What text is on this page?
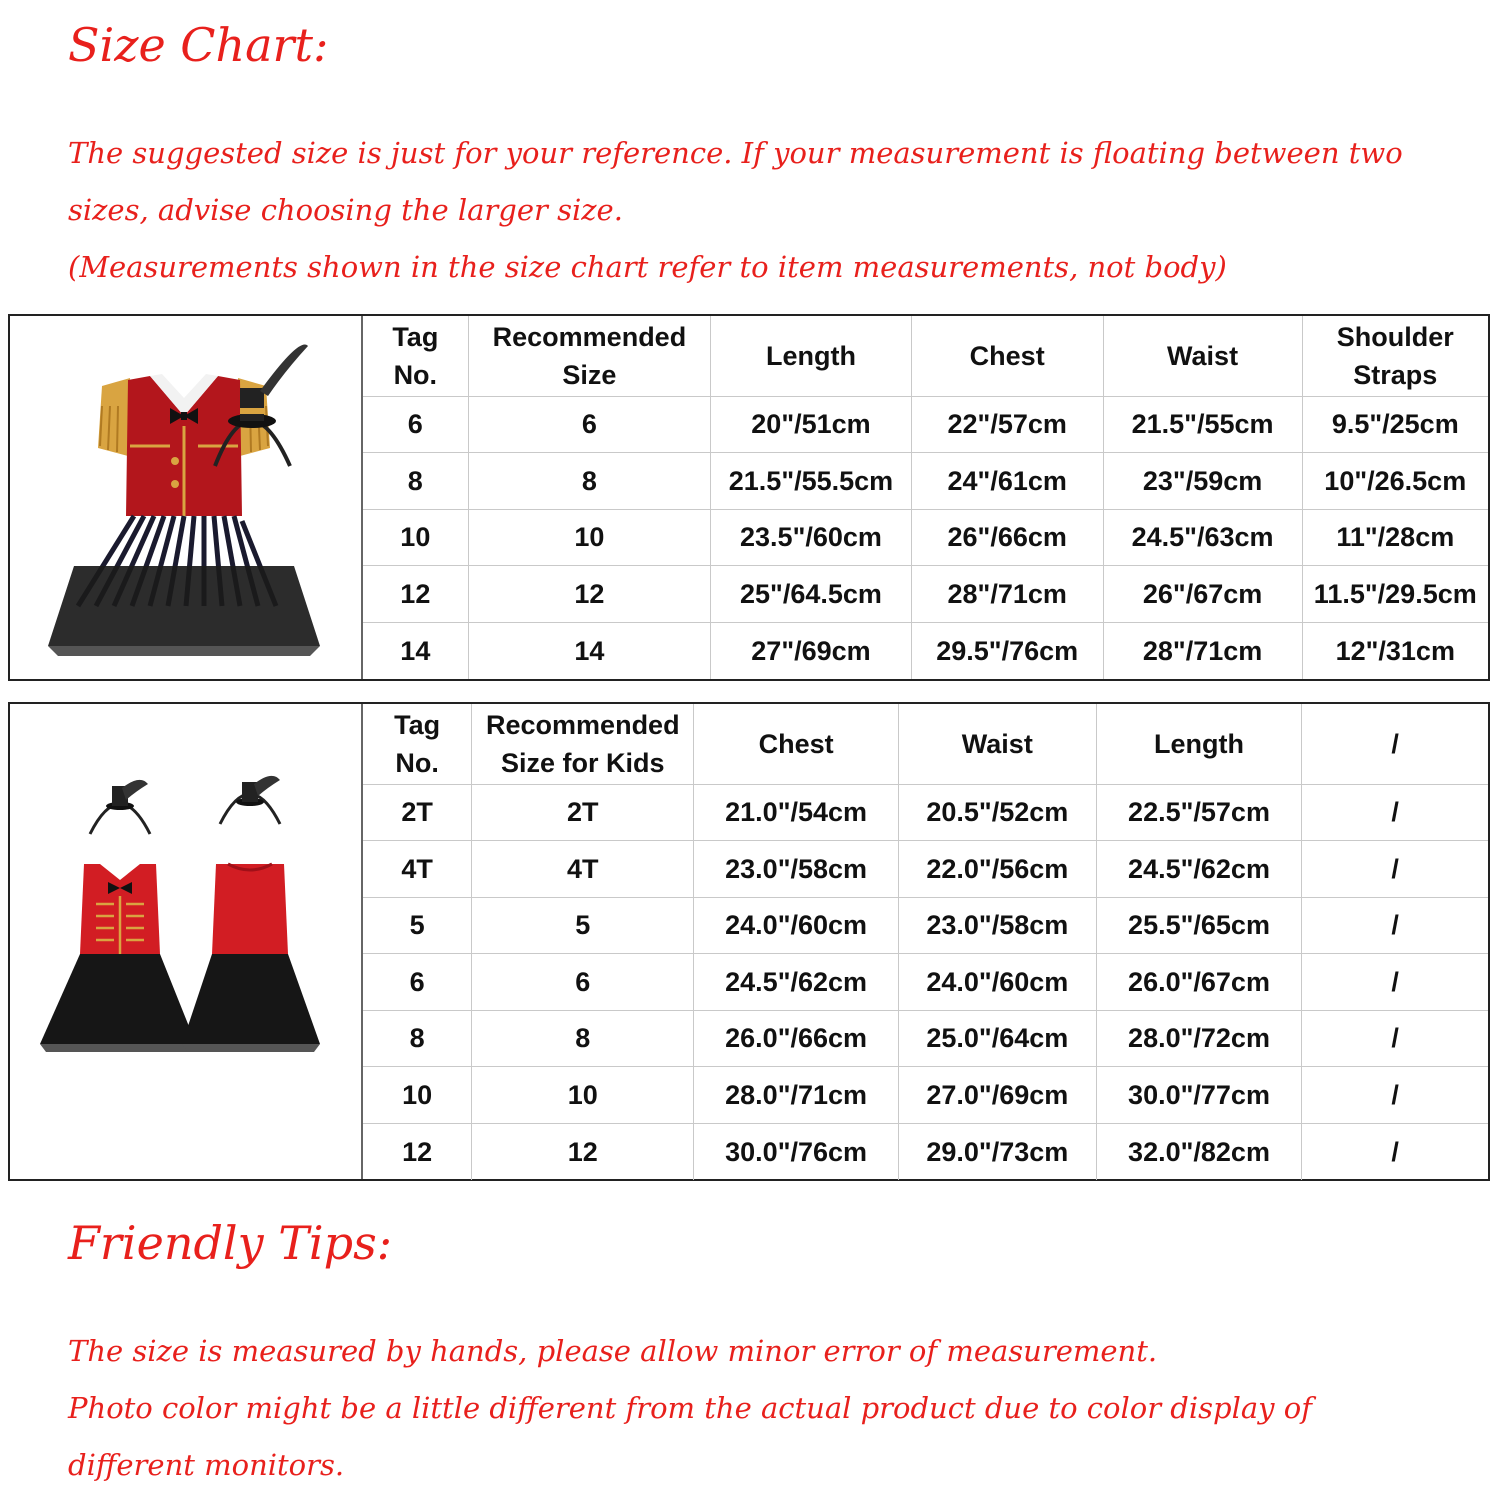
Size Chart:
The suggested size is just for your reference. If your measurement is floating between two
sizes, advise choosing the larger size.
(Measurements shown in the size chart refer to item measurements, not body)
Tag No.	Recommended Size	Length	Chest	Waist	Shoulder Straps
6	6	20"/51cm	22"/57cm	21.5"/55cm	9.5"/25cm
8	8	21.5"/55.5cm	24"/61cm	23"/59cm	10"/26.5cm
10	10	23.5"/60cm	26"/66cm	24.5"/63cm	11"/28cm
12	12	25"/64.5cm	28"/71cm	26"/67cm	11.5"/29.5cm
14	14	27"/69cm	29.5"/76cm	28"/71cm	12"/31cm
Tag No.	Recommended Size for Kids	Chest	Waist	Length	/
2T	2T	21.0"/54cm	20.5"/52cm	22.5"/57cm	/
4T	4T	23.0"/58cm	22.0"/56cm	24.5"/62cm	/
5	5	24.0"/60cm	23.0"/58cm	25.5"/65cm	/
6	6	24.5"/62cm	24.0"/60cm	26.0"/67cm	/
8	8	26.0"/66cm	25.0"/64cm	28.0"/72cm	/
10	10	28.0"/71cm	27.0"/69cm	30.0"/77cm	/
12	12	30.0"/76cm	29.0"/73cm	32.0"/82cm	/
Friendly Tips:
The size is measured by hands, please allow minor error of measurement.
Photo color might be a little different from the actual product due to color display of
different monitors.
